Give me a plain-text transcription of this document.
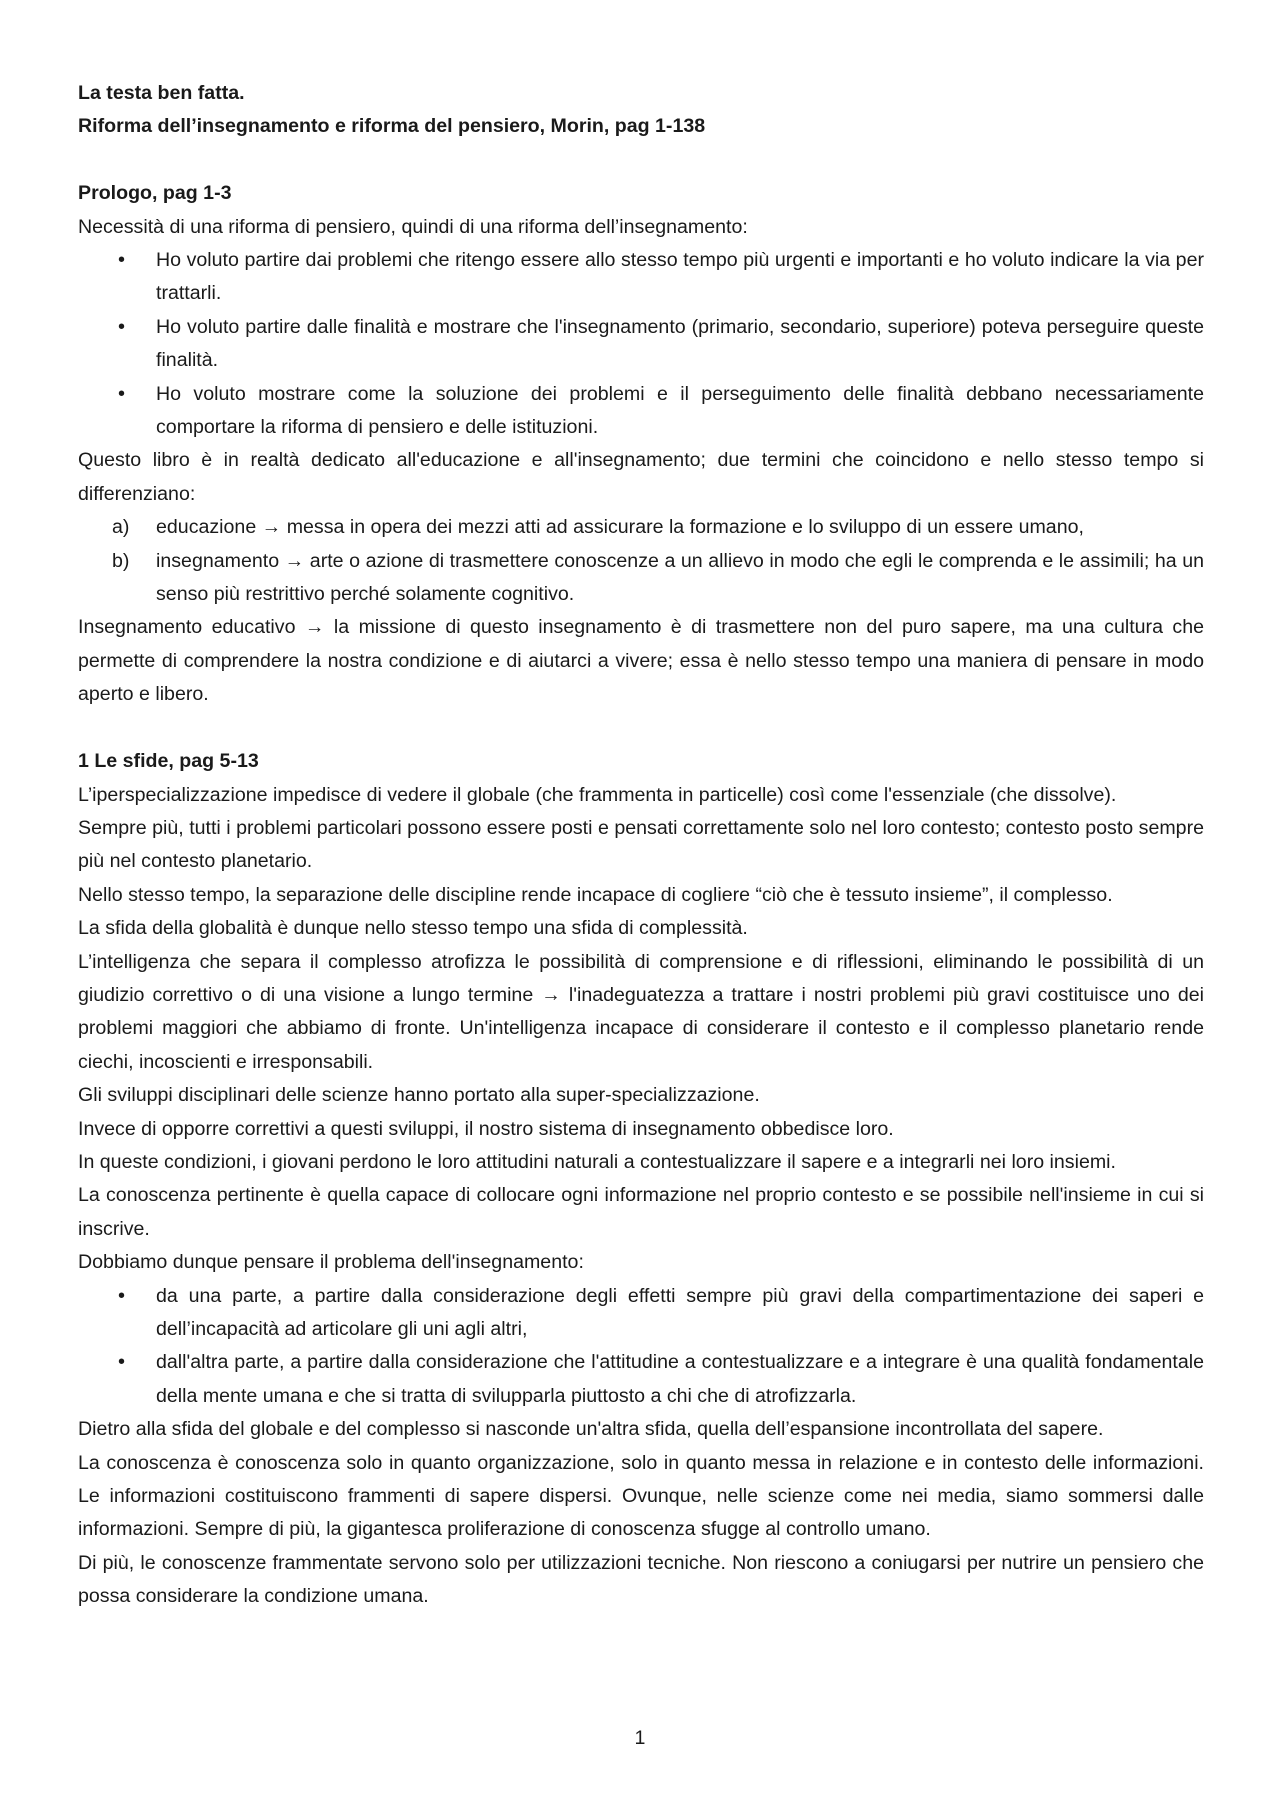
La testa ben fatta.

Riforma dell’insegnamento e riforma del pensiero, Morin, pag 1-138

Prologo, pag 1-3

Necessità di una riforma di pensiero, quindi di una riforma dell’insegnamento:

• Ho voluto partire dai problemi che ritengo essere allo stesso tempo più urgenti e importanti e ho voluto indicare la via per trattarli.
• Ho voluto partire dalle finalità e mostrare che l'insegnamento (primario, secondario, superiore) poteva perseguire queste finalità.
• Ho voluto mostrare come la soluzione dei problemi e il perseguimento delle finalità debbano necessariamente comportare la riforma di pensiero e delle istituzioni.

Questo libro è in realtà dedicato all'educazione e all'insegnamento; due termini che coincidono e nello stesso tempo si differenziano:

a) educazione → messa in opera dei mezzi atti ad assicurare la formazione e lo sviluppo di un essere umano,
b) insegnamento → arte o azione di trasmettere conoscenze a un allievo in modo che egli le comprenda e le assimili; ha un senso più restrittivo perché solamente cognitivo.

Insegnamento educativo → la missione di questo insegnamento è di trasmettere non del puro sapere, ma una cultura che permette di comprendere la nostra condizione e di aiutarci a vivere; essa è nello stesso tempo una maniera di pensare in modo aperto e libero.

1 Le sfide, pag 5-13

L’iperspecializzazione impedisce di vedere il globale (che frammenta in particelle) così come l'essenziale (che dissolve).

Sempre più, tutti i problemi particolari possono essere posti e pensati correttamente solo nel loro contesto; contesto posto sempre più nel contesto planetario.

Nello stesso tempo, la separazione delle discipline rende incapace di cogliere “ciò che è tessuto insieme”, il complesso.

La sfida della globalità è dunque nello stesso tempo una sfida di complessità.

L’intelligenza che separa il complesso atrofizza le possibilità di comprensione e di riflessioni, eliminando le possibilità di un giudizio correttivo o di una visione a lungo termine → l'inadeguatezza a trattare i nostri problemi più gravi costituisce uno dei problemi maggiori che abbiamo di fronte. Un'intelligenza incapace di considerare il contesto e il complesso planetario rende ciechi, incoscienti e irresponsabili.

Gli sviluppi disciplinari delle scienze hanno portato alla super-specializzazione.

Invece di opporre correttivi a questi sviluppi, il nostro sistema di insegnamento obbedisce loro.

In queste condizioni, i giovani perdono le loro attitudini naturali a contestualizzare il sapere e a integrarli nei loro insiemi.

La conoscenza pertinente è quella capace di collocare ogni informazione nel proprio contesto e se possibile nell'insieme in cui si inscrive.

Dobbiamo dunque pensare il problema dell'insegnamento:

• da una parte, a partire dalla considerazione degli effetti sempre più gravi della compartimentazione dei saperi e dell’incapacità ad articolare gli uni agli altri,
• dall'altra parte, a partire dalla considerazione che l'attitudine a contestualizzare e a integrare è una qualità fondamentale della mente umana e che si tratta di svilupparla piuttosto a chi che di atrofizzarla.

Dietro alla sfida del globale e del complesso si nasconde un'altra sfida, quella dell’espansione incontrollata del sapere.

La conoscenza è conoscenza solo in quanto organizzazione, solo in quanto messa in relazione e in contesto delle informazioni. Le informazioni costituiscono frammenti di sapere dispersi. Ovunque, nelle scienze come nei media, siamo sommersi dalle informazioni. Sempre di più, la gigantesca proliferazione di conoscenza sfugge al controllo umano.

Di più, le conoscenze frammentate servono solo per utilizzazioni tecniche. Non riescono a coniugarsi per nutrire un pensiero che possa considerare la condizione umana.

1
